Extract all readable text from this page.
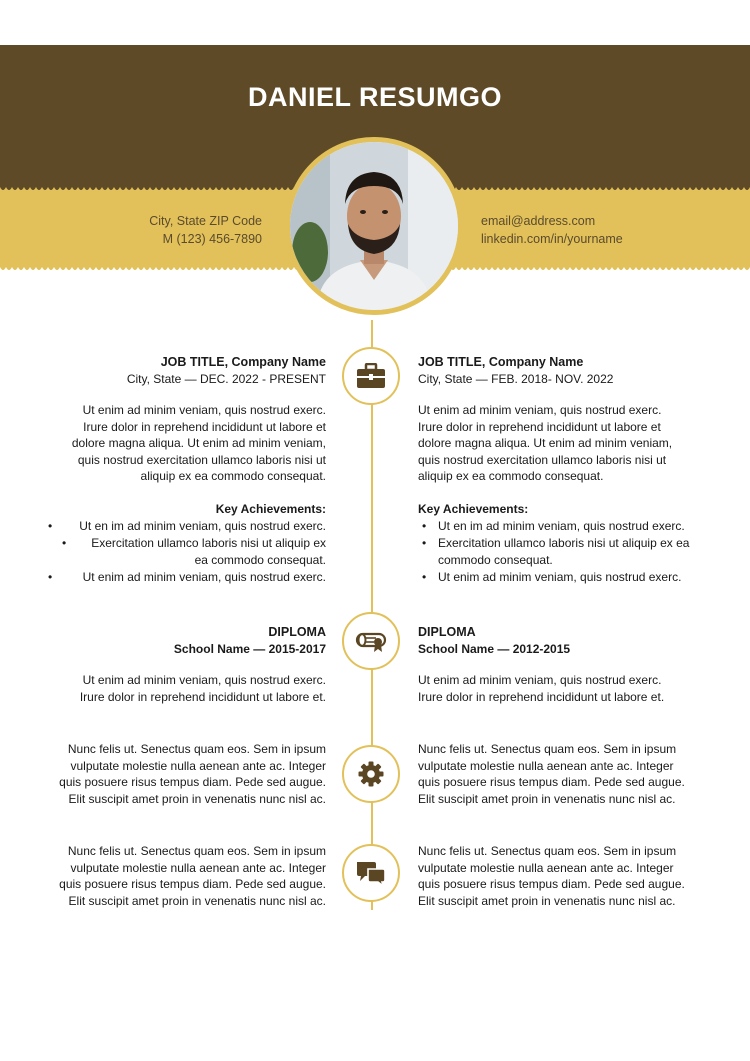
DANIEL RESUMGO
City, State ZIP Code
M (123) 456-7890
email@address.com
linkedin.com/in/yourname
JOB TITLE, Company Name
City, State — DEC. 2022 - PRESENT
Ut enim ad minim veniam, quis nostrud exerc.
Irure dolor in reprehend incididunt ut labore et
dolore magna aliqua. Ut enim ad minim veniam,
quis nostrud exercitation ullamco laboris nisi ut
aliquip ex ea commodo consequat.
Key Achievements:
• Ut en im ad minim veniam, quis nostrud exerc.
• Exercitation ullamco laboris nisi ut aliquip ex ea commodo consequat.
•	Ut enim ad minim veniam, quis nostrud exerc.
JOB TITLE, Company Name
City, State — FEB. 2018- NOV. 2022
Ut enim ad minim veniam, quis nostrud exerc.
Irure dolor in reprehend incididunt ut labore et
dolore magna aliqua. Ut enim ad minim veniam,
quis nostrud exercitation ullamco laboris nisi ut
aliquip ex ea commodo consequat.
Key Achievements:
• Ut en im ad minim veniam, quis nostrud exerc.
• Exercitation ullamco laboris nisi ut aliquip ex ea commodo consequat.
• Ut enim ad minim veniam, quis nostrud exerc.
DIPLOMA
School Name — 2015-2017
Ut enim ad minim veniam, quis nostrud exerc.
Irure dolor in reprehend incididunt ut labore et.
DIPLOMA
School Name — 2012-2015
Ut enim ad minim veniam, quis nostrud exerc.
Irure dolor in reprehend incididunt ut labore et.
Nunc felis ut. Senectus quam eos. Sem in ipsum
vulputate molestie nulla aenean ante ac. Integer
quis posuere risus tempus diam. Pede sed augue.
Elit suscipit amet proin in venenatis nunc nisl ac.
Nunc felis ut. Senectus quam eos. Sem in ipsum
vulputate molestie nulla aenean ante ac. Integer
quis posuere risus tempus diam. Pede sed augue.
Elit suscipit amet proin in venenatis nunc nisl ac.
Nunc felis ut. Senectus quam eos. Sem in ipsum
vulputate molestie nulla aenean ante ac. Integer
quis posuere risus tempus diam. Pede sed augue.
Elit suscipit amet proin in venenatis nunc nisl ac.
Nunc felis ut. Senectus quam eos. Sem in ipsum
vulputate molestie nulla aenean ante ac. Integer
quis posuere risus tempus diam. Pede sed augue.
Elit suscipit amet proin in venenatis nunc nisl ac.
